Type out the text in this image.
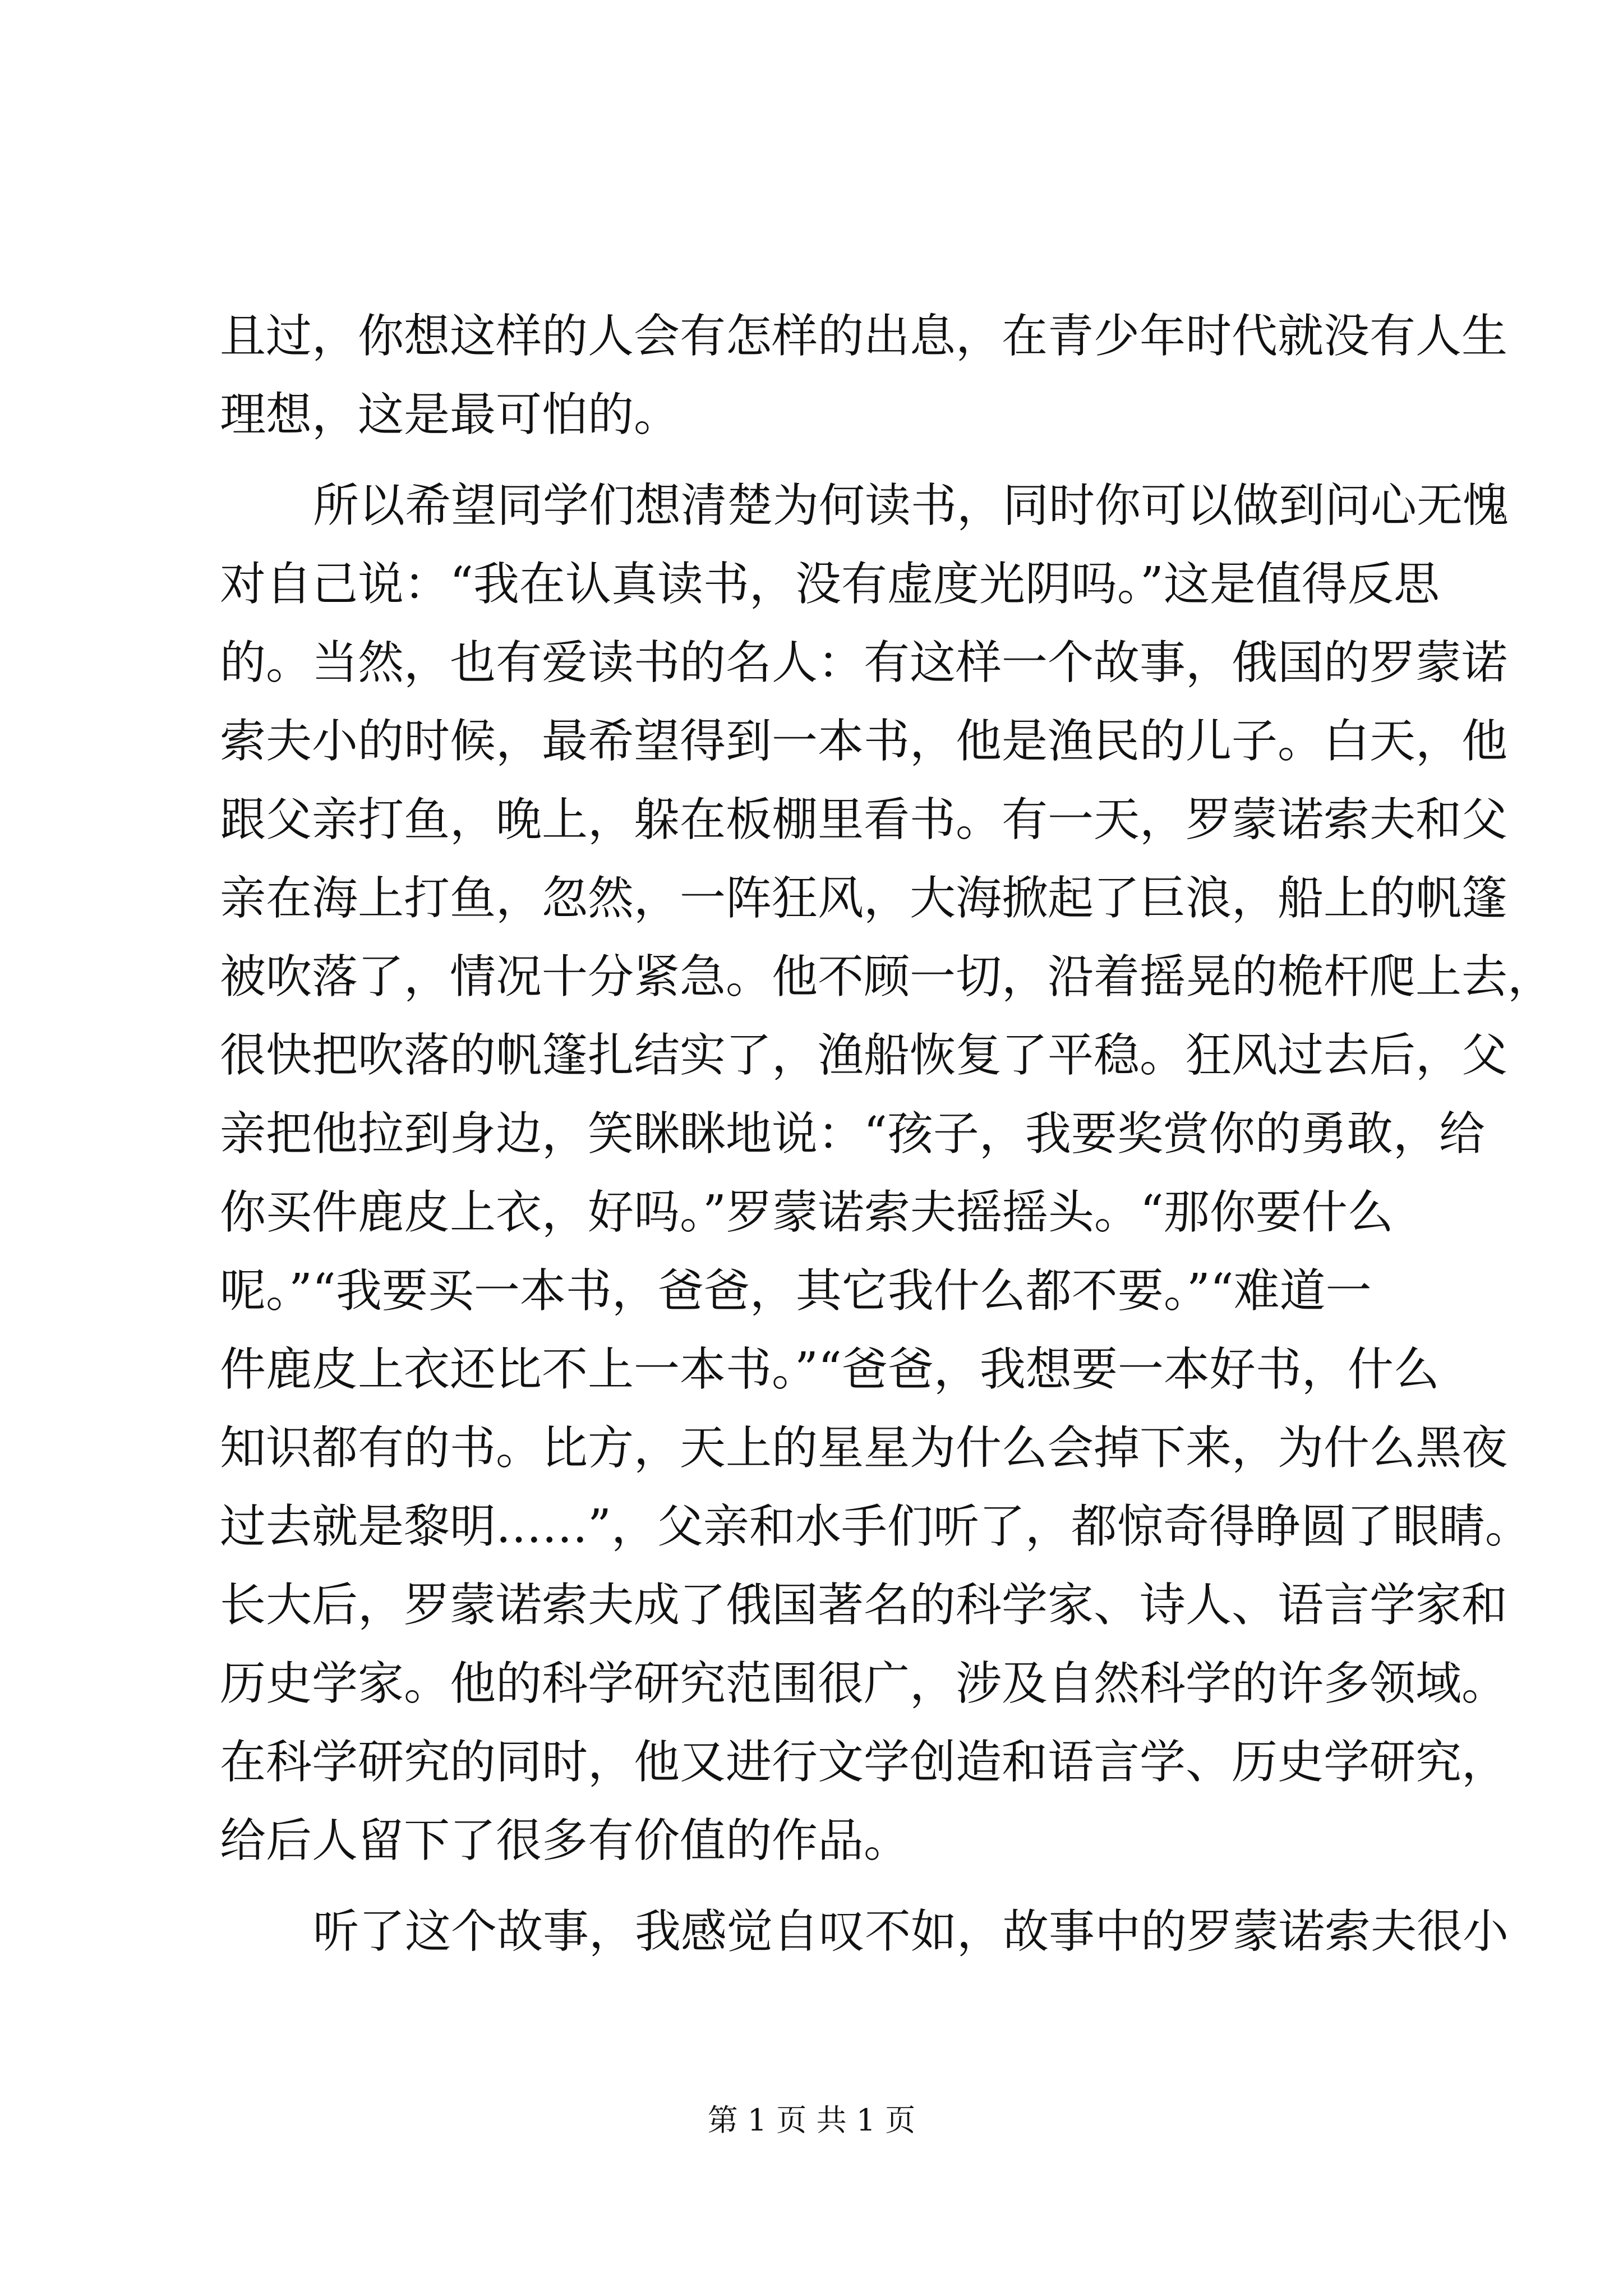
且过，你想这样的人会有怎样的出息，在青少年时代就没有人生
理想，这是最可怕的。
所以希望同学们想清楚为何读书，同时你可以做到问心无愧
对自己说：“我在认真读书，没有虚度光阴吗。”这是值得反思
的。当然，也有爱读书的名人：有这样一个故事，俄国的罗蒙诺
索夫小的时候，最希望得到一本书，他是渔民的儿子。白天，他
跟父亲打鱼，晚上，躲在板棚里看书。有一天，罗蒙诺索夫和父
亲在海上打鱼，忽然，一阵狂风，大海掀起了巨浪，船上的帆篷
被吹落了，情况十分紧急。他不顾一切，沿着摇晃的桅杆爬上去，
很快把吹落的帆篷扎结实了，渔船恢复了平稳。狂风过去后，父
亲把他拉到身边，笑眯眯地说：“孩子，我要奖赏你的勇敢，给
你买件鹿皮上衣，好吗。”罗蒙诺索夫摇摇头。“那你要什么
呢。”“我要买一本书，爸爸，其它我什么都不要。”“难道一
件鹿皮上衣还比不上一本书。”“爸爸，我想要一本好书，什么
知识都有的书。比方，天上的星星为什么会掉下来，为什么黑夜
过去就是黎明……”，父亲和水手们听了，都惊奇得睁圆了眼睛。
长大后，罗蒙诺索夫成了俄国著名的科学家、诗人、语言学家和
历史学家。他的科学研究范围很广，涉及自然科学的许多领域。
在科学研究的同时，他又进行文学创造和语言学、历史学研究，
给后人留下了很多有价值的作品。
听了这个故事，我感觉自叹不如，故事中的罗蒙诺索夫很小
第 1 页 共 1 页
